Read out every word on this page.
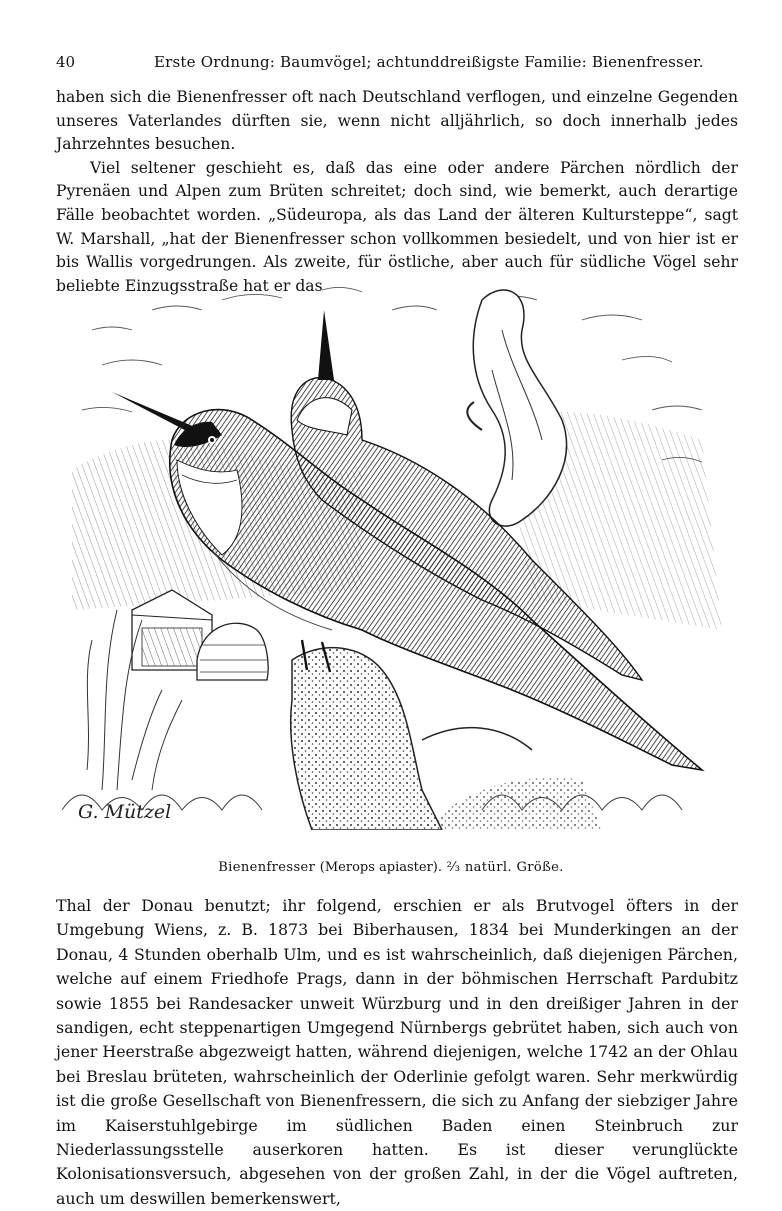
40	Erste Ordnung: Baumvögel; achtunddreißigste Familie: Bienenfresser.

haben sich die Bienenfresser oft nach Deutschland verflogen, und einzelne Gegenden unseres Vaterlandes dürften sie, wenn nicht alljährlich, so doch innerhalb jedes Jahrzehntes besuchen.

Viel seltener geschieht es, daß das eine oder andere Pärchen nördlich der Pyrenäen und Alpen zum Brüten schreitet; doch sind, wie bemerkt, auch derartige Fälle beobachtet worden. „Südeuropa, als das Land der älteren Kultursteppe“, sagt W. Marshall, „hat der Bienenfresser schon vollkommen besiedelt, und von hier ist er bis Wallis vorgedrungen. Als zweite, für östliche, aber auch für südliche Vögel sehr beliebte Einzugsstraße hat er das

G. Mützel
Bienenfresser (Merops apiaster). ²⁄₃ natürl. Größe.

Thal der Donau benutzt; ihr folgend, erschien er als Brutvogel öfters in der Umgebung Wiens, z. B. 1873 bei Biberhausen, 1834 bei Munderkingen an der Donau, 4 Stunden oberhalb Ulm, und es ist wahrscheinlich, daß diejenigen Pärchen, welche auf einem Friedhofe Prags, dann in der böhmischen Herrschaft Pardubitz sowie 1855 bei Randesacker unweit Würzburg und in den dreißiger Jahren in der sandigen, echt steppenartigen Umgegend Nürnbergs gebrütet haben, sich auch von jener Heerstraße abgezweigt hatten, während diejenigen, welche 1742 an der Ohlau bei Breslau brüteten, wahrscheinlich der Oderlinie gefolgt waren. Sehr merkwürdig ist die große Gesellschaft von Bienenfressern, die sich zu Anfang der siebziger Jahre im Kaiserstuhlgebirge im südlichen Baden einen Steinbruch zur Niederlassungsstelle auserkoren hatten. Es ist dieser verunglückte Kolonisationsversuch, abgesehen von der großen Zahl, in der die Vögel auftreten, auch um deswillen bemerkenswert,
